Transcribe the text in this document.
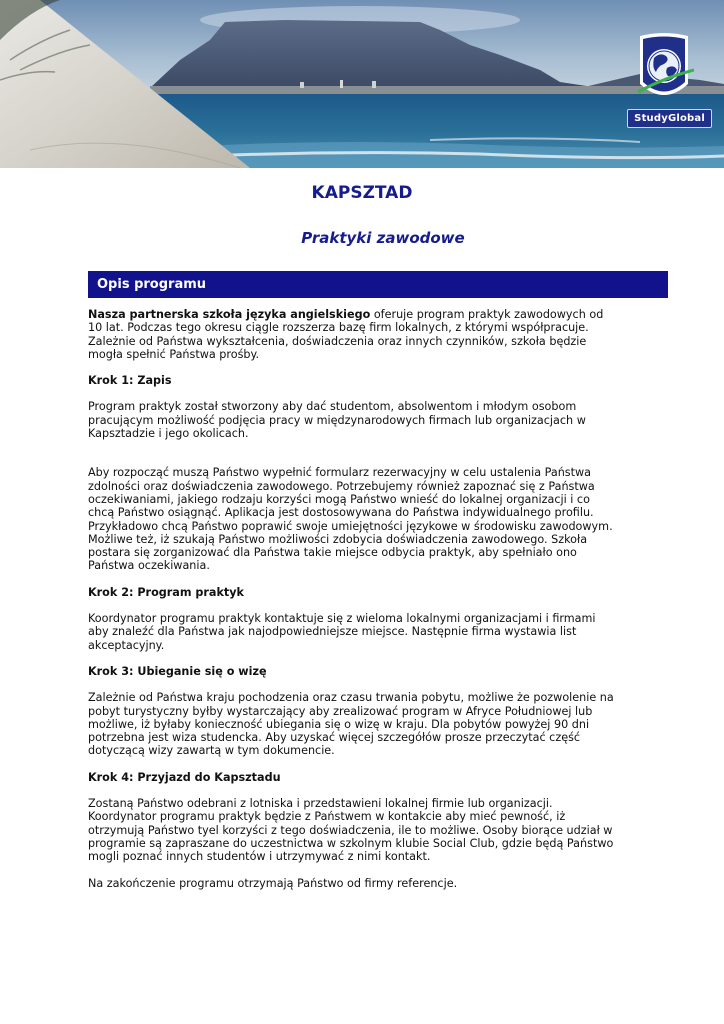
StudyGlobal
KAPSZTAD
Praktyki zawodowe
Opis programu

Nasza partnerska szkoła języka angielskiego oferuje program praktyk zawodowych od 10 lat. Podczas tego okresu ciągle rozszerza bazę firm lokalnych, z którymi współpracuje. Zależnie od Państwa wykształcenia, doświadczenia oraz innych czynników, szkoła będzie mogła spełnić Państwa prośby.

Krok 1: Zapis

Program praktyk został stworzony aby dać studentom, absolwentom i młodym osobom pracującym możliwość podjęcia pracy w międzynarodowych firmach lub organizacjach w Kapsztadzie i jego okolicach.

Aby rozpocząć muszą Państwo wypełnić formularz rezerwacyjny w celu ustalenia Państwa zdolności oraz doświadczenia zawodowego. Potrzebujemy również zapoznać się z Państwa oczekiwaniami, jakiego rodzaju korzyści mogą Państwo wnieść do lokalnej organizacji i co chcą Państwo osiągnąć. Aplikacja jest dostosowywana do Państwa indywidualnego profilu. Przykładowo chcą Państwo poprawić swoje umiejętności językowe w środowisku zawodowym. Możliwe też, iż szukają Państwo możliwości zdobycia doświadczenia zawodowego. Szkoła postara się zorganizować dla Państwa takie miejsce odbycia praktyk, aby spełniało ono Państwa oczekiwania.

Krok 2: Program praktyk

Koordynator programu praktyk kontaktuje się z wieloma lokalnymi organizacjami i firmami aby znaleźć dla Państwa jak najodpowiedniejsze miejsce. Następnie firma wystawia list akceptacyjny.

Krok 3: Ubieganie się o wizę

Zależnie od Państwa kraju pochodzenia oraz czasu trwania pobytu, możliwe że pozwolenie na pobyt turystyczny byłby wystarczający aby zrealizować program w Afryce Południowej lub możliwe, iż byłaby konieczność ubiegania się o wizę w kraju. Dla pobytów powyżej 90 dni potrzebna jest wiza studencka. Aby uzyskać więcej szczegółów prosze przeczytać część dotyczącą wizy zawartą w tym dokumencie.

Krok 4: Przyjazd do Kapsztadu

Zostaną Państwo odebrani z lotniska i przedstawieni lokalnej firmie lub organizacji. Koordynator programu praktyk będzie z Państwem w kontakcie aby mieć pewność, iż otrzymują Państwo tyel korzyści z tego doświadczenia, ile to możliwe. Osoby biorące udział w programie są zapraszane do uczestnictwa w szkolnym klubie Social Club, gdzie będą Państwo mogli poznać innych studentów i utrzymywać z nimi kontakt.

Na zakończenie programu otrzymają Państwo od firmy referencje.
